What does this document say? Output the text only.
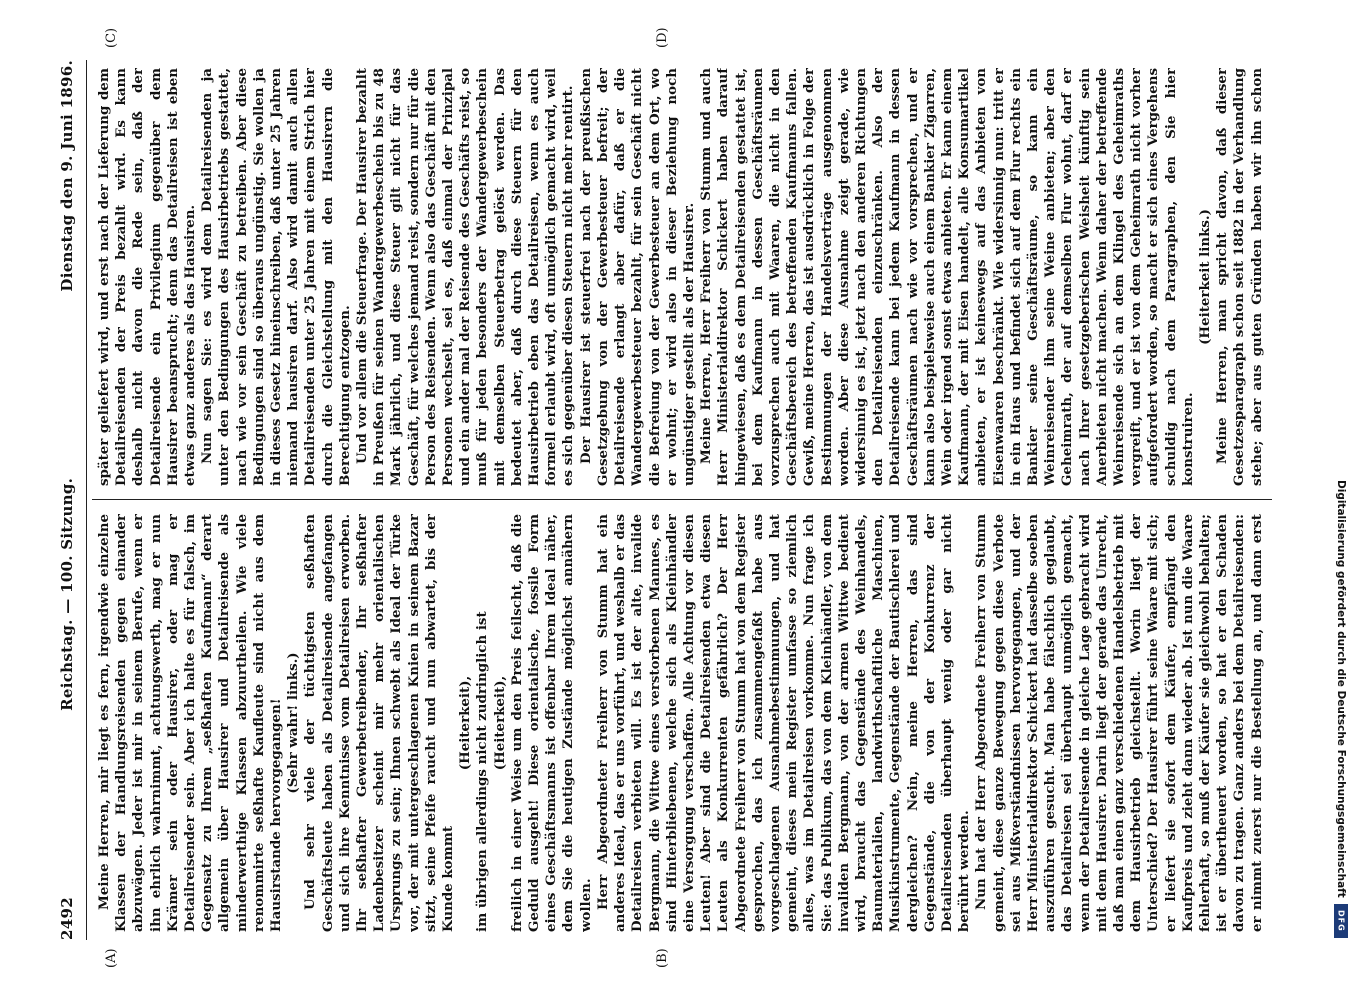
2492
Reichstag. — 100. Sitzung.
Dienstag den 9. Juni 1896.
(A)	(B)
(C)	(D)

Meine Herren, mir liegt es fern, irgendwie einzelne Klassen der Handlungsreisenden gegen einander abzuwägen. Jeder ist mir in seinem Berufe, wenn er ihn ehrlich wahrnimmt, achtungswerth, mag er nun Krämer sein oder Hausirer, oder mag er Detailreisender sein. Aber ich halte es für falsch, im Gegensatz zu Ihrem „seßhaften Kaufmann“ derart allgemein über Hausirer und Detailreisende als minderwerthige Klassen abzuurtheilen. Wie viele renommirte seßhafte Kaufleute sind nicht aus dem Hausirstande hervorgegangen! (Sehr wahr! links.) Und sehr viele der tüchtigsten seßhaften Geschäftsleute haben als Detailreisende angefangen und sich ihre Kenntnisse vom Detailreisen erworben. Ihr seßhafter Gewerbetreibender, Ihr seßhafter Ladenbesitzer scheint mir mehr orientalischen Ursprungs zu sein; Ihnen schwebt als Ideal der Türke vor, der mit untergeschlagenen Knien in seinem Bazar sitzt, seine Pfeife raucht und nun abwartet, bis der Kunde kommt

(Heiterkeit), im übrigen allerdings nicht zudringlich ist (Heiterkeit), freilich in einer Weise um den Preis feilscht, daß die Geduld ausgeht! Diese orientalische, fossile Form eines Geschäftsmanns ist offenbar Ihrem Ideal näher, dem Sie die heutigen Zustände möglichst annähern wollen. Herr Abgeordneter Freiherr von Stumm hat ein anderes Ideal, das er uns vorführt, und weshalb er das Detailreisen verbieten will. Es ist der alte, invalide Bergmann, die Wittwe eines verstorbenen Mannes, es sind Hinterbliebenen, welche sich als Kleinhändler eine Versorgung verschaffen. Alle Achtung vor diesen Leuten! Aber sind die Detailreisenden etwa diesen Leuten als Konkurrenten gefährlich? Der Herr Abgeordnete Freiherr von Stumm hat von dem Register gesprochen, das ich zusammengefaßt habe aus vorgeschlagenen Ausnahmebestimmungen, und hat gemeint, dieses mein Register umfasse so ziemlich alles, was im Detailreisen vorkomme. Nun frage ich Sie: das Publikum, das von dem Kleinhändler, von dem invaliden Bergmann, von der armen Wittwe bedient wird, braucht das Gegenstände des Weinhandels, Baumaterialien, landwirthschaftliche Maschinen, Musikinstrumente, Gegenstände der Bautischlerei und dergleichen? Nein, meine Herren, das sind Gegenstände, die von der Konkurrenz der Detailreisenden überhaupt wenig oder gar nicht berührt werden. Nun hat der Herr Abgeordnete Freiherr von Stumm gemeint, diese ganze Bewegung gegen diese Verbote sei aus Mißverständnissen hervorgegangen, und der Herr Ministerialdirektor Schickert hat dasselbe soeben auszuführen gesucht. Man habe fälschlich geglaubt, das Detailreisen sei überhaupt unmöglich gemacht, wenn der Detailreisende in gleiche Lage gebracht wird mit dem Hausirer. Darin liegt der gerade das Unrecht, daß man einen ganz verschiedenen Handelsbetrieb mit dem Hausirbetrieb gleichstellt. Worin liegt der Unterschied? Der Hausirer führt seine Waare mit sich; er liefert sie sofort dem Käufer, empfängt den Kaufpreis und zieht dann wieder ab. Ist nun die Waare fehlerhaft, so muß der Käufer sie gleichwohl behalten; ist er übertheuert worden, so hat er den Schaden davon zu tragen. Ganz anders bei dem Detailreisenden: er nimmt zuerst nur die Bestellung an, und dann erst

später geliefert wird, und erst nach der Lieferung dem Detailreisenden der Preis bezahlt wird. Es kann deshalb nicht davon die Rede sein, daß der Detailreisende ein Privilegium gegenüber dem Hausirer beansprucht; denn das Detailreisen ist eben etwas ganz anderes als das Hausiren. Nun sagen Sie: es wird dem Detailreisenden ja unter den Bedingungen des Hausirbetriebs gestattet, nach wie vor sein Geschäft zu betreiben. Aber diese Bedingungen sind so überaus ungünstig. Sie wollen ja in dieses Gesetz hineinschreiben, daß unter 25 Jahren niemand hausiren darf. Also wird damit auch allen Detailreisenden unter 25 Jahren mit einem Strich hier durch die Gleichstellung mit den Hausirern die Berechtigung entzogen. Und vor allem die Steuerfrage. Der Hausirer bezahlt in Preußen für seinen Wandergewerbeschein bis zu 48 Mark jährlich, und diese Steuer gilt nicht für das Geschäft, für welches jemand reist, sondern nur für die Person des Reisenden. Wenn also das Geschäft mit den Personen wechselt, sei es, daß einmal der Prinzipal und ein ander mal der Reisende des Geschäfts reist, so muß für jeden besonders der Wandergewerbeschein mit demselben Steuerbetrag gelöst werden. Das bedeutet aber, daß durch diese Steuern für den Hausirbetrieb eben das Detailreisen, wenn es auch formell erlaubt wird, oft unmöglich gemacht wird, weil es sich gegenüber diesen Steuern nicht mehr rentirt. Der Hausirer ist steuerfrei nach der preußischen Gesetzgebung von der Gewerbesteuer befreit; der Detailreisende erlangt aber dafür, daß er die Wandergewerbesteuer bezahlt, für sein Geschäft nicht die Befreiung von der Gewerbesteuer an dem Ort, wo er wohnt; er wird also in dieser Beziehung noch ungünstiger gestellt als der Hausirer. Meine Herren, Herr Freiherr von Stumm und auch Herr Ministerialdirektor Schickert haben darauf hingewiesen, daß es dem Detailreisenden gestattet ist, bei dem Kaufmann in dessen Geschäftsräumen vorzusprechen auch mit Waaren, die nicht in den Geschäftsbereich des betreffenden Kaufmanns fallen. Gewiß, meine Herren, das ist ausdrücklich in Folge der Bestimmungen der Handelsverträge ausgenommen worden. Aber diese Ausnahme zeigt gerade, wie widersinnig es ist, jetzt nach den anderen Richtungen den Detailreisenden einzuschränken. Also der Detailreisende kann bei jedem Kaufmann in dessen Geschäftsräumen nach wie vor vorsprechen, und er kann also beispielsweise auch einem Bankier Zigarren, Wein oder irgend sonst etwas anbieten. Er kann einem Kaufmann, der mit Eisen handelt, alle Konsumartikel anbieten, er ist keineswegs auf das Anbieten von Eisenwaaren beschränkt. Wie widersinnig nun: tritt er in ein Haus und befindet sich auf dem Flur rechts ein Bankier seine Geschäftsräume, so kann ein Weinreisender ihm seine Weine anbieten; aber den Geheimrath, der auf demselben Flur wohnt, darf er nach Ihrer gesetzgeberischen Weisheit künftig sein Anerbieten nicht machen. Wenn daher der betreffende Weinreisende sich an dem Klingel des Geheimraths vergreift, und er ist von dem Geheimrath nicht vorher aufgefordert worden, so macht er sich eines Vergehens schuldig nach dem Paragraphen, den Sie hier konstruiren.

(Heiterkeit links.)

Meine Herren, man spricht davon, daß dieser Gesetzesparagraph schon seit 1882 in der Verhandlung stehe; aber aus guten Gründen haben wir ihn schon

Digitalisierung gefördert durch die Deutsche Forschungsgemeinschaft
DFG
